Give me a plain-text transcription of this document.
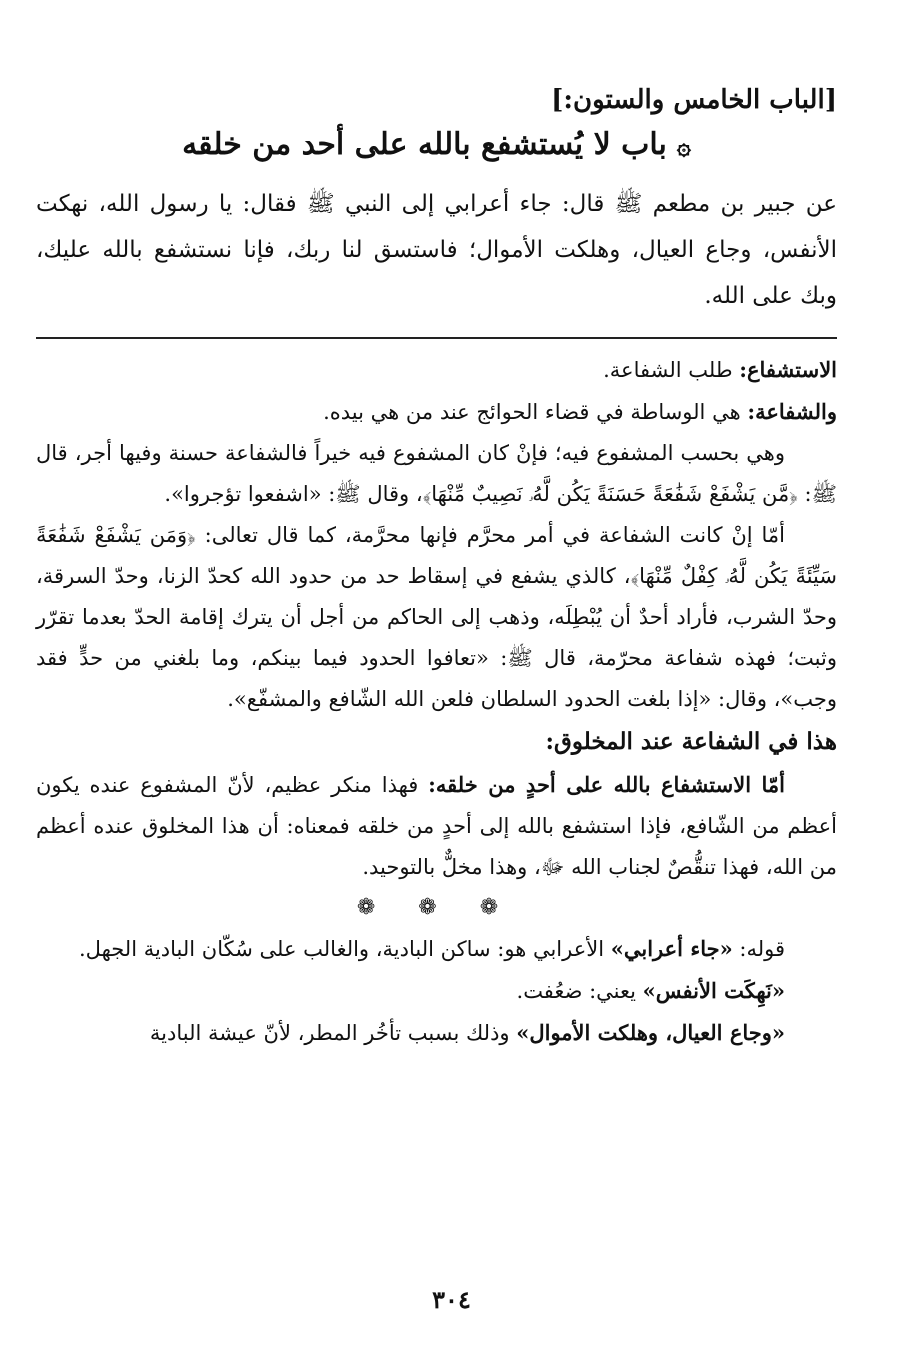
[الباب الخامس والستون:]

۞باب لا يُستشفع بالله على أحد من خلقه

عن جبير بن مطعم ﷺ قال: جاء أعرابي إلى النبي ﷺ فقال: يا رسول الله، نهكت الأنفس، وجاع العيال، وهلكت الأموال؛ فاستسق لنا ربك، فإنا نستشفع بالله عليك، وبك على الله.

الاستشفاع: طلب الشفاعة.

والشفاعة: هي الوساطة في قضاء الحوائج عند من هي بيده.

وهي بحسب المشفوع فيه؛ فإنْ كان المشفوع فيه خيراً فالشفاعة حسنة وفيها أجر، قال ﷺ: ﴿مَّن يَشْفَعْ شَفَٰعَةً حَسَنَةً يَكُن لَّهُۥ نَصِيبٌ مِّنْهَا﴾، وقال ﷺ: «اشفعوا تؤجروا».

أمّا إنْ كانت الشفاعة في أمر محرَّم فإنها محرَّمة، كما قال تعالى: ﴿وَمَن يَشْفَعْ شَفَٰعَةً سَيِّئَةً يَكُن لَّهُۥ كِفْلٌ مِّنْهَا﴾، كالذي يشفع في إسقاط حد من حدود الله كحدّ الزنا، وحدّ السرقة، وحدّ الشرب، فأراد أحدٌ أن يُبْطِلَه، وذهب إلى الحاكم من أجل أن يترك إقامة الحدّ بعدما تقرّر وثبت؛ فهذه شفاعة محرّمة، قال ﷺ: «تعافوا الحدود فيما بينكم، وما بلغني من حدٍّ فقد وجب»، وقال: «إذا بلغت الحدود السلطان فلعن الله الشّافع والمشفّع».

هذا في الشفاعة عند المخلوق:

أمّا الاستشفاع بالله على أحدٍ من خلقه: فهذا منكر عظيم، لأنّ المشفوع عنده يكون أعظم من الشّافع، فإذا استشفع بالله إلى أحدٍ من خلقه فمعناه: أن هذا المخلوق عنده أعظم من الله، فهذا تنقُّصٌ لجناب الله ﷻ، وهذا مخلٌّ بالتوحيد.

❁ ❁ ❁

قوله: «جاء أعرابي» الأعرابي هو: ساكن البادية، والغالب على سُكّان البادية الجهل.

«نَهِكَت الأنفس» يعني: ضعُفت.

«وجاع العيال، وهلكت الأموال» وذلك بسبب تأخُر المطر، لأنّ عيشة البادية

٣٠٤
